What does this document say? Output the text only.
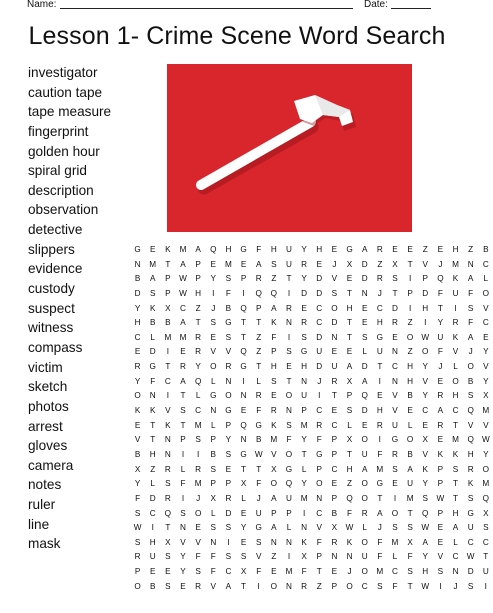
Name:	Date:
Lesson 1- Crime Scene Word Search
investigator
caution tape
tape measure
fingerprint
golden hour
spiral grid
description
observation
detective
slippers
evidence
custody
suspect
witness
compass
victim
sketch
photos
arrest
gloves
camera
notes
ruler
line
mask
G	E	K	M	A	Q	H	G	F	H	U	Y	H	E	G	A	R	E	E	Z	E	H	Z	B
N	M	T	A	P	E	M	E	A	S	U	R	E	J	X	D	Z	X	T	V	J	M	N	C
B	A	P	W	P	Y	S	P	R	Z	T	Y	D	V	E	D	R	S	I	P	Q	K	A	L
D	S	P	W	H	I	F	I	Q	Q	I	D	D	S	T	N	J	T	P	D	F	U	F	O
Y	K	X	C	Z	J	B	Q	P	A	R	E	C	O	H	E	C	D	I	H	T	I	S	V
H	B	B	A	T	S	G	T	T	K	N	R	C	D	T	E	H	R	Z	I	Y	R	F	C
C	L	M	M	R	E	S	T	Z	F	I	S	D	N	T	S	G	E	O W	U	K	A	E
E	D	I	E	R	V	V	Q	Z	P	S	G	U	E	E	L	U	N	Z	O	F	V	J	Y
R	G	T	R	Y	O	R	G	T	H	E	H	D	U	A	D	T	C	H	Y	J	L	O	V
Y	F	C	A	Q	L	N	I	L	S	T	N	J	R	X	A	I	N	H	V	E	O	B	Y
O	N	I	T	L	G	O	N	R	E	O	U	I	T	P	Q	E	V	B	Y	R	H	S	X
K	K	V	S	C	N	G	E	F	R	N	P	C	E	S	D	H	V	E	C	A	C	Q	M
E	T	K	T	M	L	P	Q	G	K	S	M	R	C	L	E	R	U	L	E	R	T	V	V
V	T	N	P	S	P	Y	N	B	M	F	Y	F	P	X	O	I	G	O	X	E	M	Q W
B	H	N	I	I	B	S	G W	V	O	T	G	P	T	U	F	R	B	V	K	K	H	Y
X	Z	R	L	R	S	E	T	T	X	G	L	P	C	H	A	M	S	A	K	P	S	R	O
Y	L	S	F	M	P	P	X	F	O	Q	Y	O	E	Z	O	G	E	U	Y	P	T	K	M
F	D	R	I	J	X	R	L	J	A	U	M	N	P	Q	O	T	I	M	S	W	T	S	Q
S	C	Q	S	O	L	D	E	U	P	P	I	C	B	F	R	A	O	T	Q	P	H	G	X
W	I	T	N	E	S	S	Y	G	A	L	N	V	X	W	L	J	S	S	W	E	A	U	S
S	H	X	V	V	N	I	E	S	N	N	K	F	R	K	O	F	M	X	A	E	L	C	C
R	U	S	Y	F	F	S	S	V	Z	I	X	P	N	N	U	F	L	F	Y	V	C	W	T
P	E	E	Y	S	F	C	X	F	E	M	F	T	E	J	O	M	C	S	H	S	N	D	U
O	B	S	E	R	V	A	T	I	O	N	R	Z	P	O	C	S	F	T	W	I	J	S	I
